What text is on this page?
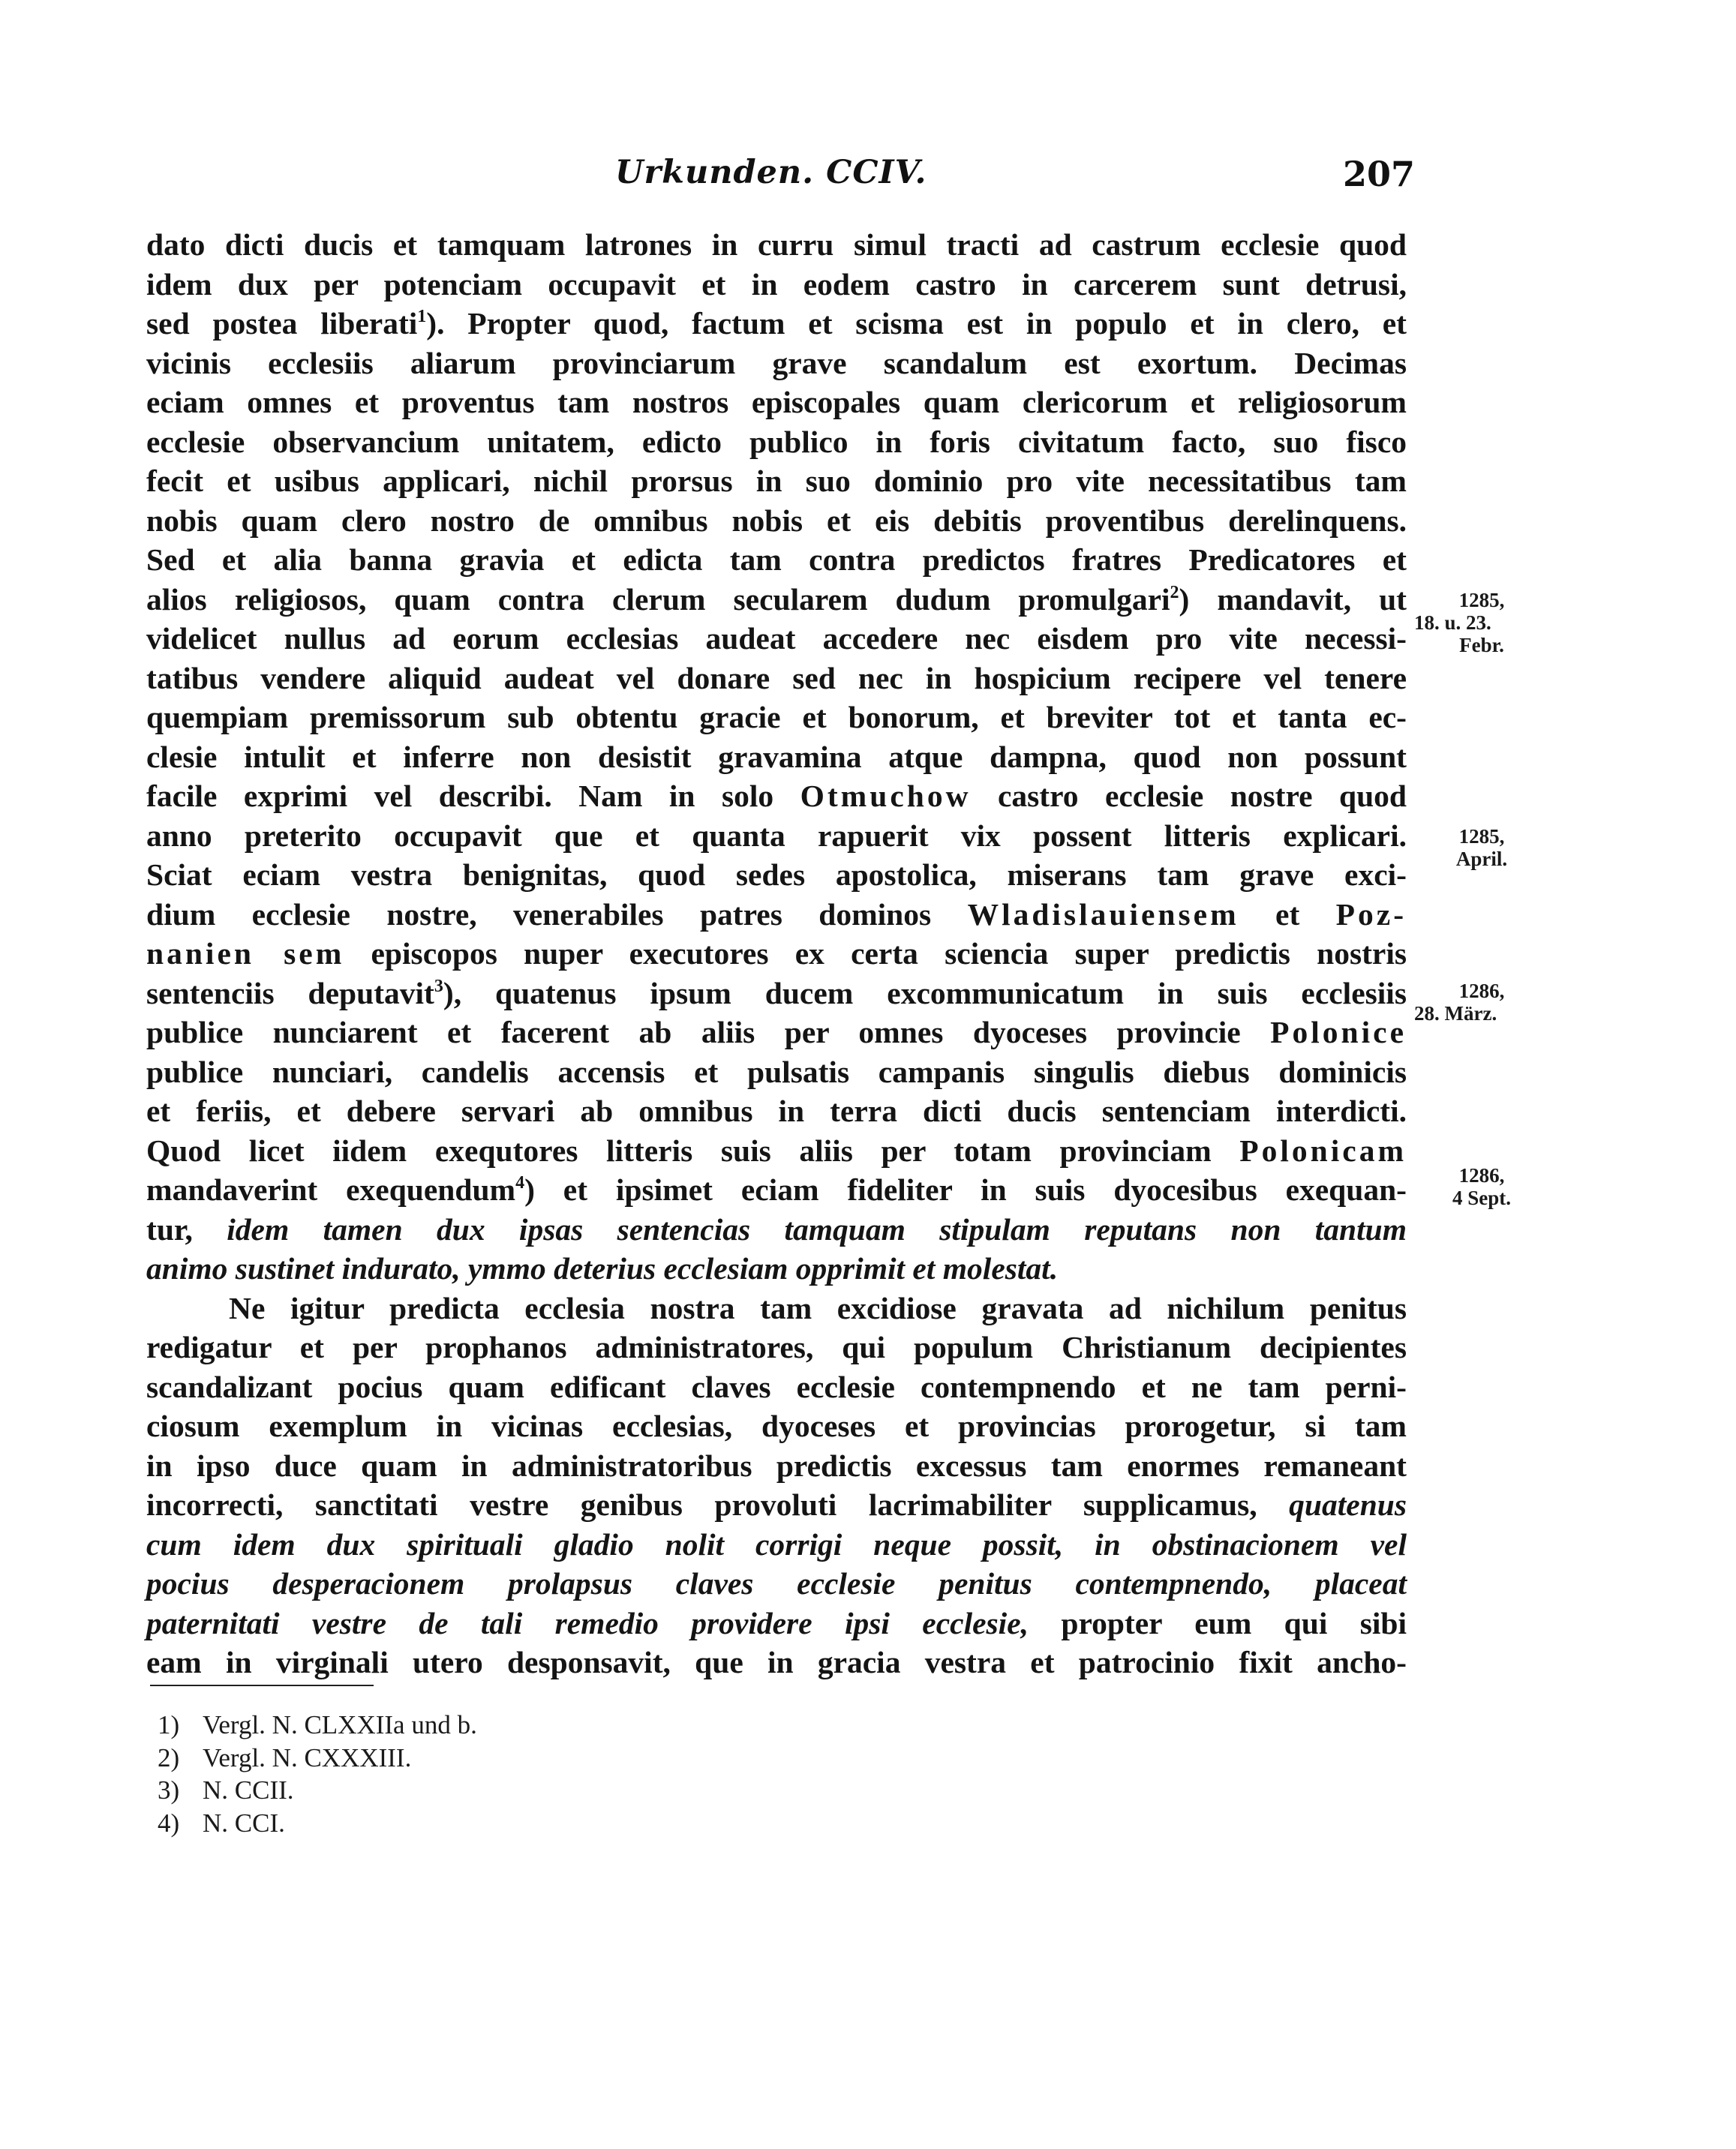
Urkunden. CCIV.	207
dato dicti ducis et tamquam latrones in curru simul tracti ad castrum ecclesie quod
idem dux per potenciam occupavit et in eodem castro in carcerem sunt detrusi,
sed postea liberati$^1$). Propter quod, factum et scisma est in populo et in clero, et
vicinis ecclesiis aliarum provinciarum grave scandalum est exortum. Decimas
eciam omnes et proventus tam nostros episcopales quam clericorum et religiosorum
ecclesie observancium unitatem, edicto publico in foris civitatum facto, suo fisco
fecit et usibus applicari, nichil prorsus in suo dominio pro vite necessitatibus tam
nobis quam clero nostro de omnibus nobis et eis debitis proventibus derelinquens.
Sed et alia banna gravia et edicta tam contra predictos fratres Predicatores et
alios religiosos, quam contra clerum secularem dudum promulgari$^2$) mandavit, ut
videlicet nullus ad eorum ecclesias audeat accedere nec eisdem pro vite necessi-
tatibus vendere aliquid audeat vel donare sed nec in hospicium recipere vel tenere
quempiam premissorum sub obtentu gracie et bonorum, et breviter tot et tanta ec-
clesie intulit et inferre non desistit gravamina atque dampna, quod non possunt
facile exprimi vel describi. Nam in solo Otmuchow castro ecclesie nostre quod
anno preterito occupavit que et quanta rapuerit vix possent litteris explicari.
Sciat eciam vestra benignitas, quod sedes apostolica, miserans tam grave exci-
dium ecclesie nostre, venerabiles patres dominos Wladislauiensem et Poz-
nanien sem episcopos nuper executores ex certa sciencia super predictis nostris
sentenciis deputavit$^3$), quatenus ipsum ducem excommunicatum in suis ecclesiis
publice nunciarent et facerent ab aliis per omnes dyoceses provincie Polonice
publice nunciari, candelis accensis et pulsatis campanis singulis diebus dominicis
et feriis, et debere servari ab omnibus in terra dicti ducis sentenciam interdicti.
Quod licet iidem exequtores litteris suis aliis per totam provinciam Polonicam
mandaverint exequendum$^4$) et ipsimet eciam fideliter in suis dyocesibus exequan-
tur, idem tamen dux ipsas sentencias tamquam stipulam reputans non tantum
animo sustinet indurato, ymmo deterius ecclesiam opprimit et molestat.
Ne igitur predicta ecclesia nostra tam excidiose gravata ad nichilum penitus
redigatur et per prophanos administratores, qui populum Christianum decipientes
scandalizant pocius quam edificant claves ecclesie contempnendo et ne tam perni-
ciosum exemplum in vicinas ecclesias, dyoceses et provincias prorogetur, si tam
in ipso duce quam in administratoribus predictis excessus tam enormes remaneant
incorrecti, sanctitati vestre genibus provoluti lacrimabiliter supplicamus, quatenus
cum idem dux spirituali gladio nolit corrigi neque possit, in obstinacionem vel
pocius desperacionem prolapsus claves ecclesie penitus contempnendo, placeat
paternitati vestre de tali remedio providere ipsi ecclesie, propter eum qui sibi
eam in virginali utero desponsavit, que in gracia vestra et patrocinio fixit ancho-
1285,
18. u. 23.
Febr.
1285,
April.
1286,
28. März.
1286,
4 Sept.
1) Vergl. N. CLXXIIa und b.
2) Vergl. N. CXXXIII.
3) N. CCII.
4) N. CCI.
